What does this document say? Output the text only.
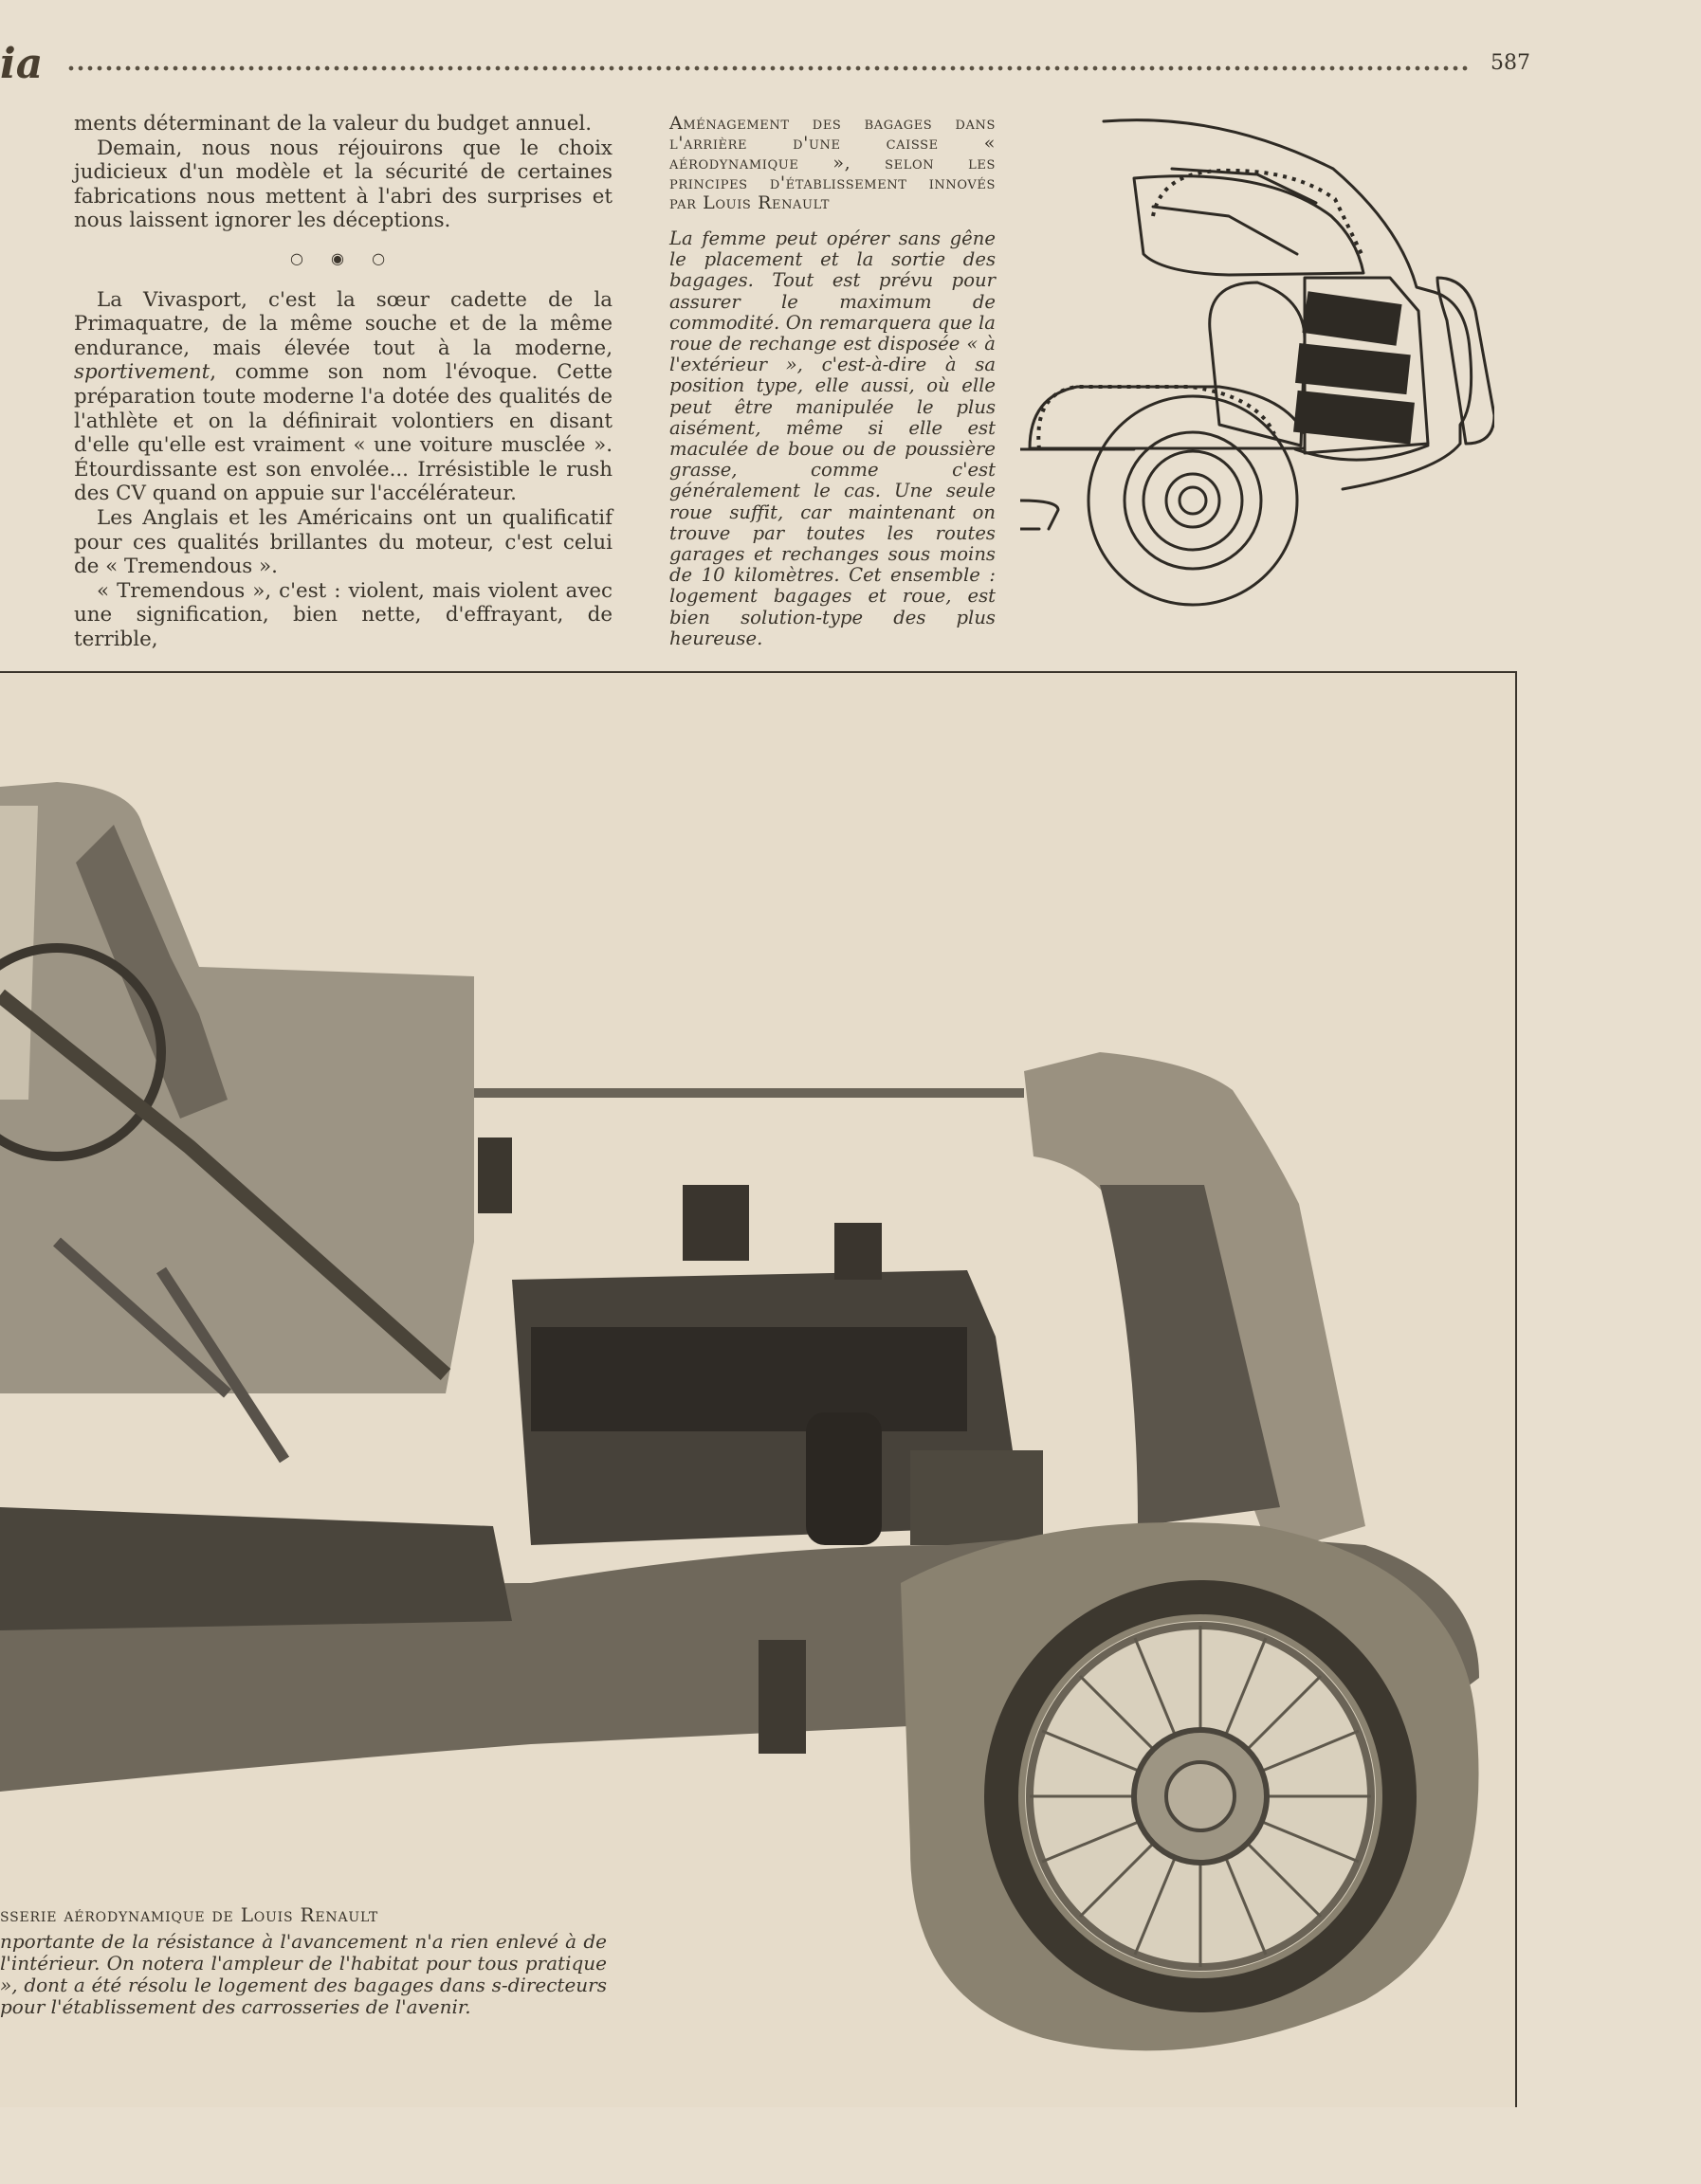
ia	587

ments déterminant de la valeur du budget annuel.

Demain, nous nous réjouirons que le choix judicieux d'un modèle et la sécurité de certaines fabrications nous mettent à l'abri des surprises et nous laissent ignorer les déceptions.

○ ◉ ○

La Vivasport, c'est la sœur cadette de la Primaquatre, de la même souche et de la même endurance, mais élevée tout à la moderne, sportivement, comme son nom l'évoque. Cette préparation toute moderne l'a dotée des qualités de l'athlète et on la définirait volontiers en disant d'elle qu'elle est vraiment « une voiture musclée ». Étourdissante est son envolée... Irrésistible le rush des CV quand on appuie sur l'accélérateur.

Les Anglais et les Américains ont un qualificatif pour ces qualités brillantes du moteur, c'est celui de « Tremendous ».

« Tremendous », c'est : violent, mais violent avec une signification, bien nette, d'effrayant, de terrible,

Aménagement des bagages dans l'arrière d'une caisse « aérodynamique », selon les principes d'établissement innovés par Louis Renault
La femme peut opérer sans gêne le placement et la sortie des bagages. Tout est prévu pour assurer le maximum de commodité. On remarquera que la roue de rechange est disposée « à l'extérieur », c'est-à-dire à sa position type, elle aussi, où elle peut être manipulée le plus aisément, même si elle est maculée de boue ou de poussière grasse, comme c'est généralement le cas. Une seule roue suffit, car maintenant on trouve par toutes les routes garages et rechanges sous moins de 10 kilomètres. Cet ensemble : logement bagages et roue, est bien solution-type des plus heureuse.
sserie aérodynamique de Louis Renault
nportante de la résistance à l'avancement n'a rien enlevé à de l'intérieur. On notera l'ampleur de l'habitat pour tous pratique », dont a été résolu le logement des bagages dans s-directeurs pour l'établissement des carrosseries de l'avenir.
